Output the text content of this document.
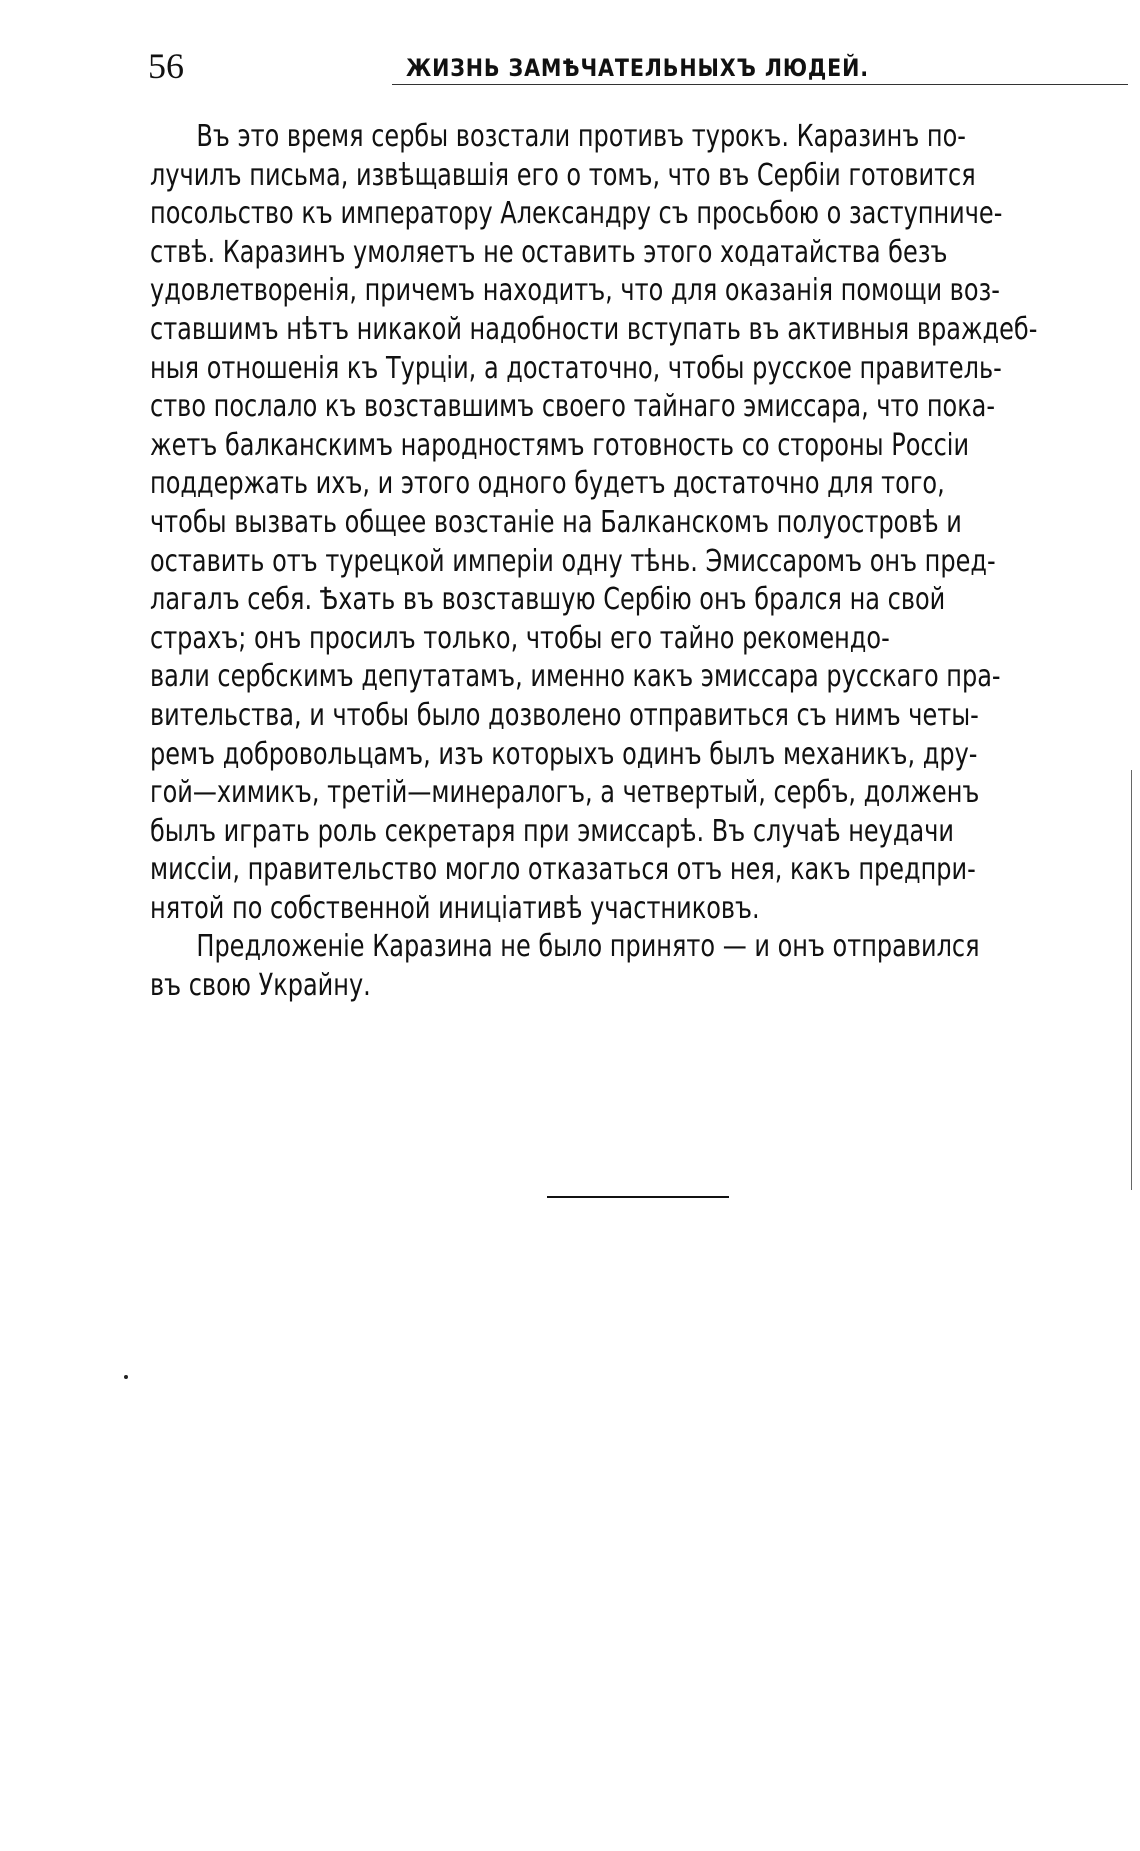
56	ЖИЗНЬ ЗАМѢЧАТЕЛЬНЫХЪ ЛЮДЕЙ.
Въ это время сербы возстали противъ турокъ. Каразинъ по-
лучилъ письма, извѣщавшія его о томъ, что въ Сербіи готовится
посольство къ императору Александру съ просьбою о заступниче-
ствѣ. Каразинъ умоляетъ не оставить этого ходатайства безъ
удовлетворенія, причемъ находитъ, что для оказанія помощи воз-
ставшимъ нѣтъ никакой надобности вступать въ активныя враждеб-
ныя отношенія къ Турціи, а достаточно, чтобы русское правитель-
ство послало къ возставшимъ своего тайнаго эмиссара, что пока-
жетъ балканскимъ народностямъ готовность со стороны Россіи
поддержать ихъ, и этого одного будетъ достаточно для того,
чтобы вызвать общее возстаніе на Балканскомъ полуостровѣ и
оставить отъ турецкой имперіи одну тѣнь. Эмиссаромъ онъ пред-
лагалъ себя. Ѣхать въ возставшую Сербію онъ брался на свой
страхъ; онъ просилъ только, чтобы его тайно рекомендо-
вали сербскимъ депутатамъ, именно какъ эмиссара русскаго пра-
вительства, и чтобы было дозволено отправиться съ нимъ четы-
ремъ добровольцамъ, изъ которыхъ одинъ былъ механикъ, дру-
гой—химикъ, третій—минералогъ, а четвертый, сербъ, долженъ
былъ играть роль секретаря при эмиссарѣ. Въ случаѣ неудачи
миссіи, правительство могло отказаться отъ нея, какъ предпри-
нятой по собственной иниціативѣ участниковъ.
Предложеніе Каразина не было принято — и онъ отправился
въ свою Украйну.
